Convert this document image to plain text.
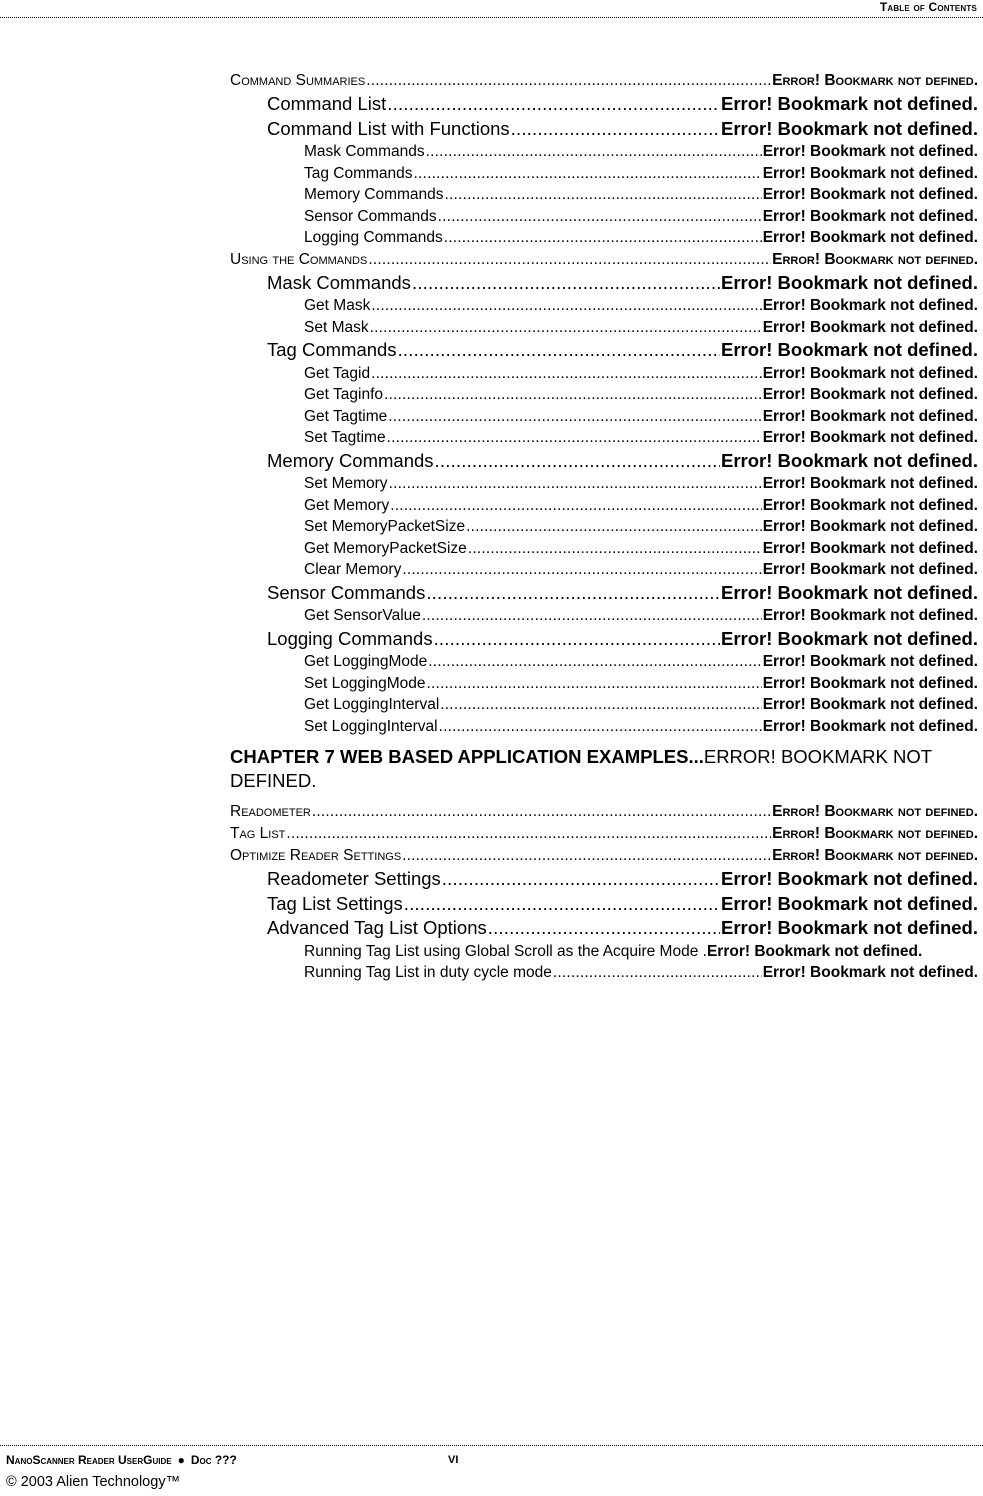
Table of Contents
Command Summaries .....	Error! Bookmark not defined.
Command List .....	Error! Bookmark not defined.
Command List with Functions .....	Error! Bookmark not defined.
Mask Commands .....	Error! Bookmark not defined.
Tag Commands .....	Error! Bookmark not defined.
Memory Commands .....	Error! Bookmark not defined.
Sensor Commands .....	Error! Bookmark not defined.
Logging Commands .....	Error! Bookmark not defined.
Using the Commands .....	Error! Bookmark not defined.
Mask Commands .....	Error! Bookmark not defined.
Get Mask .....	Error! Bookmark not defined.
Set Mask .....	Error! Bookmark not defined.
Tag Commands .....	Error! Bookmark not defined.
Get Tagid .....	Error! Bookmark not defined.
Get Taginfo .....	Error! Bookmark not defined.
Get Tagtime .....	Error! Bookmark not defined.
Set Tagtime .....	Error! Bookmark not defined.
Memory Commands .....	Error! Bookmark not defined.
Set Memory .....	Error! Bookmark not defined.
Get Memory .....	Error! Bookmark not defined.
Set MemoryPacketSize .....	Error! Bookmark not defined.
Get MemoryPacketSize .....	Error! Bookmark not defined.
Clear Memory .....	Error! Bookmark not defined.
Sensor Commands .....	Error! Bookmark not defined.
Get SensorValue .....	Error! Bookmark not defined.
Logging Commands .....	Error! Bookmark not defined.
Get LoggingMode .....	Error! Bookmark not defined.
Set LoggingMode .....	Error! Bookmark not defined.
Get LoggingInterval .....	Error! Bookmark not defined.
Set LoggingInterval .....	Error! Bookmark not defined.
CHAPTER 7 WEB BASED APPLICATION EXAMPLES ... ERROR! BOOKMARK NOT DEFINED.
Readometer .....	Error! Bookmark not defined.
Tag List .....	Error! Bookmark not defined.
Optimize Reader Settings .....	Error! Bookmark not defined.
Readometer Settings .....	Error! Bookmark not defined.
Tag List Settings .....	Error! Bookmark not defined.
Advanced Tag List Options .....	Error! Bookmark not defined.
Running Tag List using Global Scroll as the Acquire Mode .Error! Bookmark not defined.
Running Tag List in duty cycle mode .....	Error! Bookmark not defined.
NanoScanner Reader UserGuide ● Doc ???	vi
© 2003 Alien Technology™
